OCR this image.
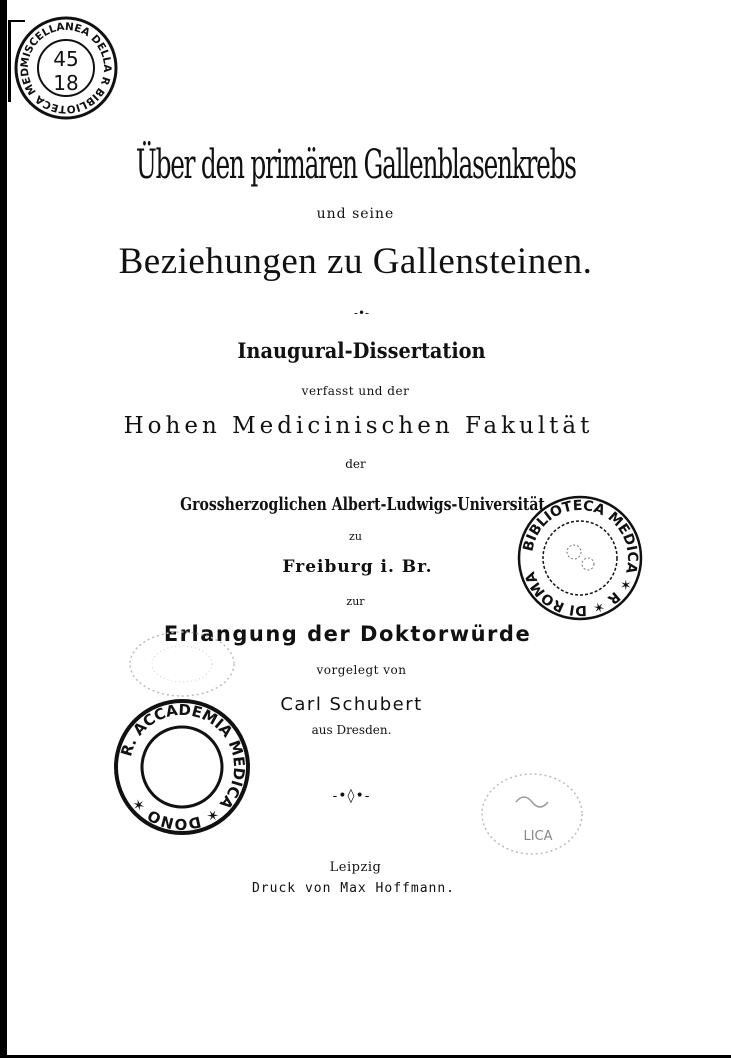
MISCELLANEA DELLA R BIBLIOTECA MED
45
18
Über den primären Gallenblasenkrebs
und seine
Beziehungen zu Gallensteinen.
-•-
Inaugural-Dissertation
verfasst und der
Hohen Medicinischen Fakultät
der
Grossherzoglichen Albert-Ludwigs-Universität
zu
Freiburg i. Br.
zur
Erlangung der Doktorwürde
vorgelegt von
Carl Schubert
aus Dresden.
-•◊•-
Leipzig
Druck von Max Hoffmann.
BIBLIOTECA MEDICA ✶ R ✶ DI ROMA
R. ACCADEMIA MEDICA ✶ DONO ✶
LICA
